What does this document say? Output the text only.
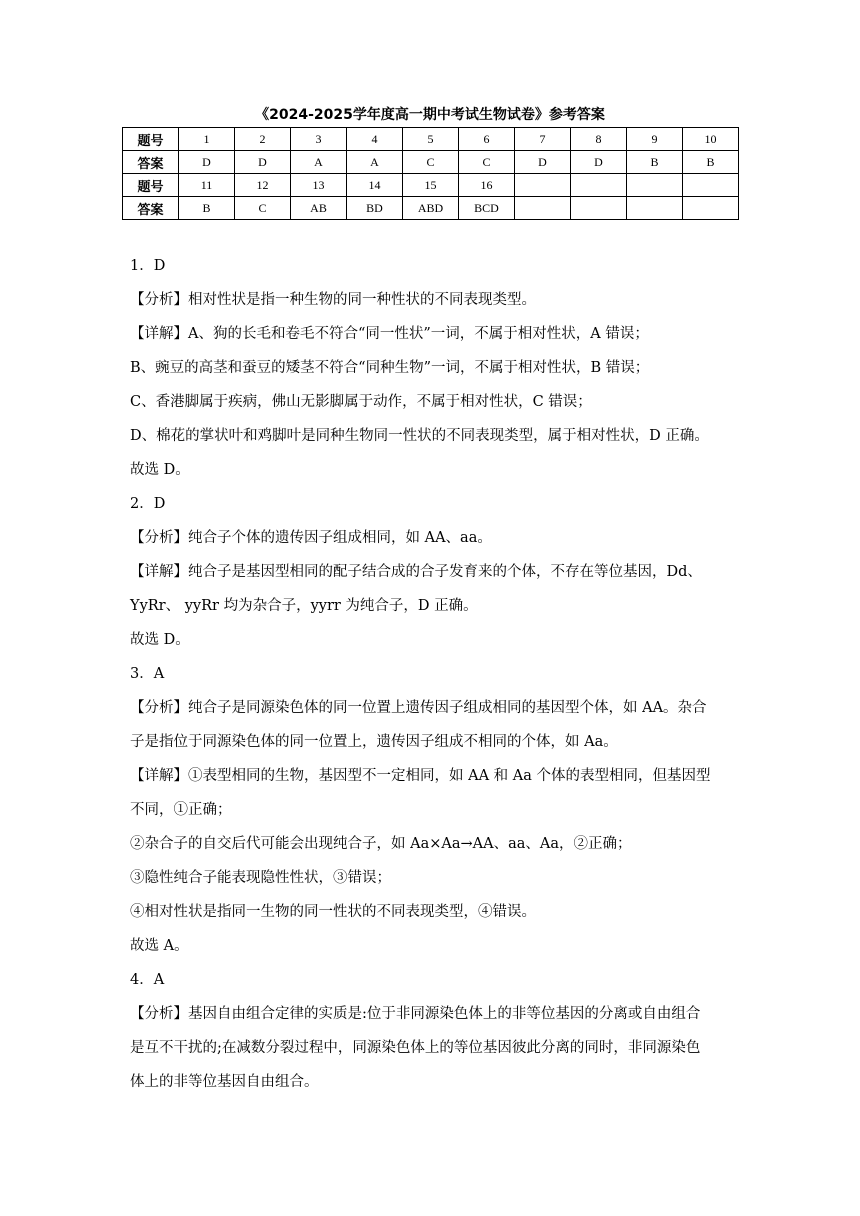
《2024-2025学年度高一期中考试生物试卷》参考答案
题号	1	2	3	4	5	6	7	8	9	10
答案	D	D	A	A	C	C	D	D	B	B
题号	11	12	13	14	15	16				
答案	B	C	AB	BD	ABD	BCD				

1．D

【分析】相对性状是指一种生物的同一种性状的不同表现类型。

【详解】A、狗的长毛和卷毛不符合“同一性状”一词，不属于相对性状，A 错误；

B、豌豆的高茎和蚕豆的矮茎不符合“同种生物”一词，不属于相对性状，B 错误；

C、香港脚属于疾病，佛山无影脚属于动作，不属于相对性状，C 错误；

D、棉花的掌状叶和鸡脚叶是同种生物同一性状的不同表现类型，属于相对性状，D 正确。

故选 D。

2．D

【分析】纯合子个体的遗传因子组成相同，如 AA、aa。

【详解】纯合子是基因型相同的配子结合成的合子发育来的个体，不存在等位基因，Dd、

YyRr、 yyRr 均为杂合子，yyrr 为纯合子，D 正确。

故选 D。

3．A

【分析】纯合子是同源染色体的同一位置上遗传因子组成相同的基因型个体，如 AA。杂合

子是指位于同源染色体的同一位置上，遗传因子组成不相同的个体，如 Aa。

【详解】①表型相同的生物，基因型不一定相同，如 AA 和 Aa 个体的表型相同，但基因型

不同，①正确；

②杂合子的自交后代可能会出现纯合子，如 Aa×Aa→AA、aa、Aa，②正确；

③隐性纯合子能表现隐性性状，③错误；

④相对性状是指同一生物的同一性状的不同表现类型，④错误。

故选 A。

4．A

【分析】基因自由组合定律的实质是:位于非同源染色体上的非等位基因的分离或自由组合

是互不干扰的;在减数分裂过程中，同源染色体上的等位基因彼此分离的同时，非同源染色

体上的非等位基因自由组合。
